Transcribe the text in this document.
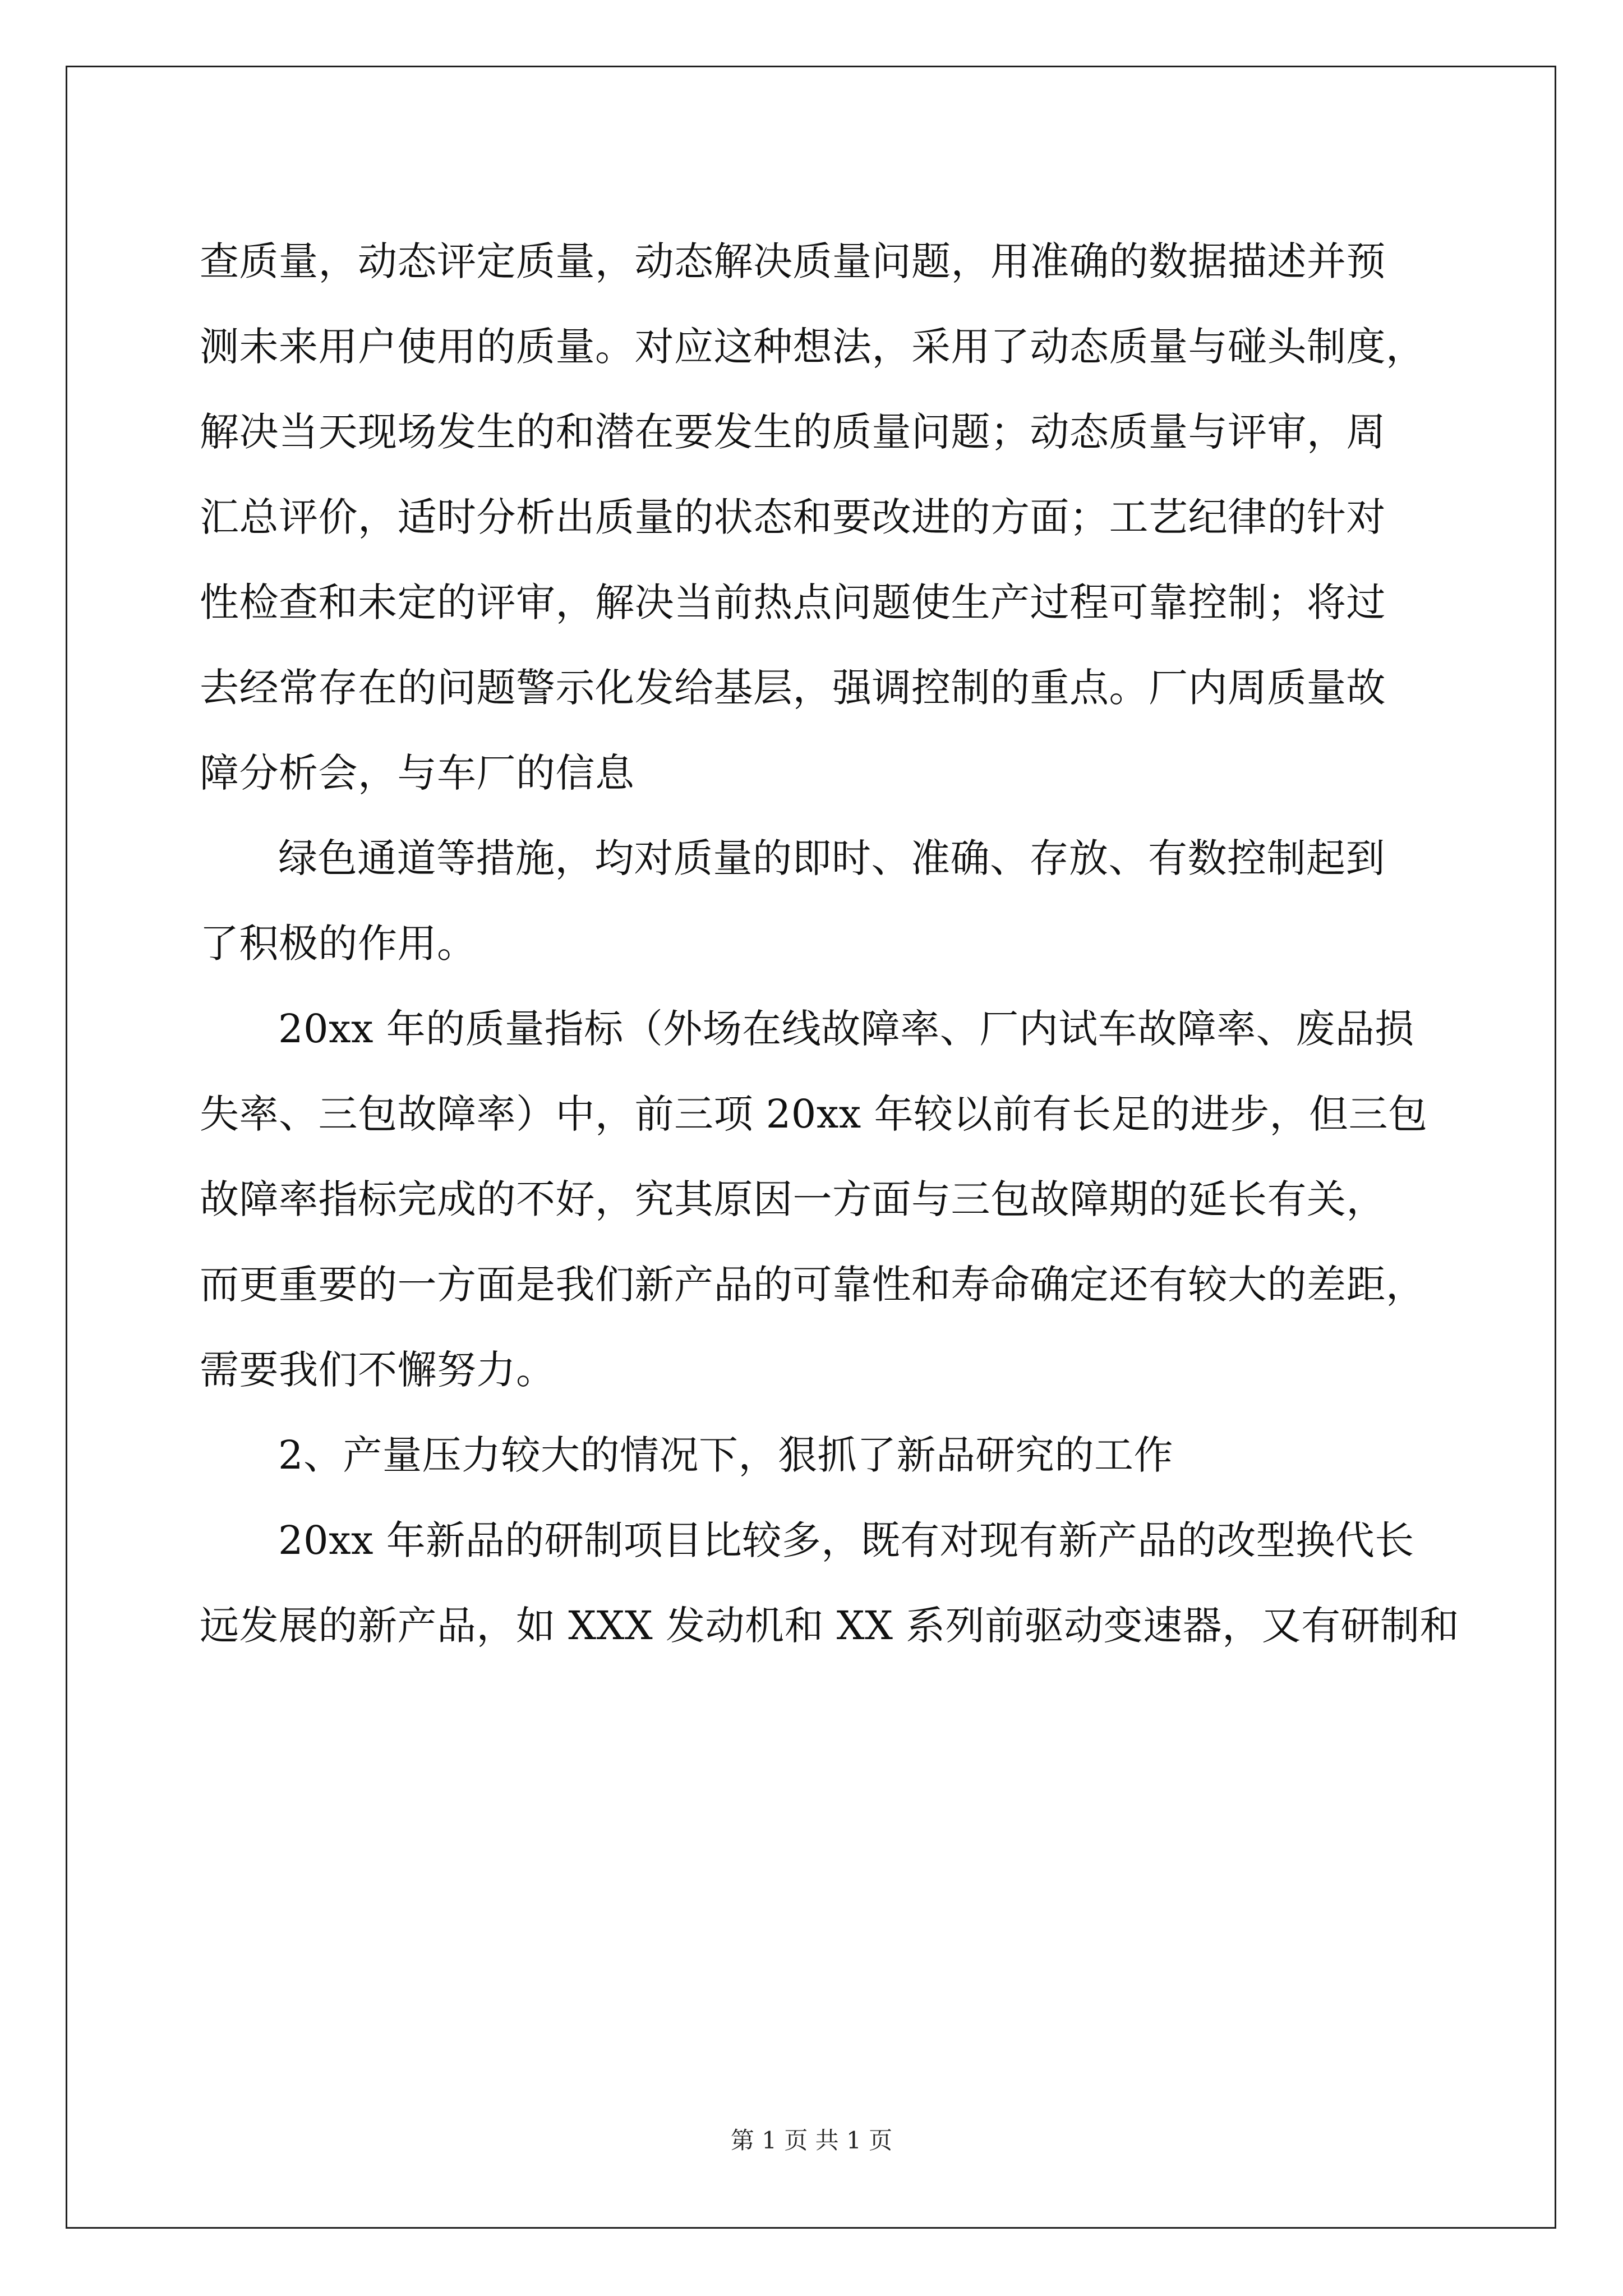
查质量，动态评定质量，动态解决质量问题，用准确的数据描述并预
测未来用户使用的质量。对应这种想法，采用了动态质量与碰头制度，
解决当天现场发生的和潜在要发生的质量问题；动态质量与评审，周
汇总评价，适时分析出质量的状态和要改进的方面；工艺纪律的针对
性检查和未定的评审，解决当前热点问题使生产过程可靠控制；将过
去经常存在的问题警示化发给基层，强调控制的重点。厂内周质量故
障分析会，与车厂的信息
绿色通道等措施，均对质量的即时、准确、存放、有数控制起到
了积极的作用。
20xx 年的质量指标（外场在线故障率、厂内试车故障率、废品损
失率、三包故障率）中，前三项 20xx 年较以前有长足的进步，但三包
故障率指标完成的不好，究其原因一方面与三包故障期的延长有关，
而更重要的一方面是我们新产品的可靠性和寿命确定还有较大的差距，
需要我们不懈努力。
2、产量压力较大的情况下，狠抓了新品研究的工作
20xx 年新品的研制项目比较多，既有对现有新产品的改型换代长
远发展的新产品，如 XXX 发动机和 XX 系列前驱动变速器，又有研制和
第 1 页 共 1 页
